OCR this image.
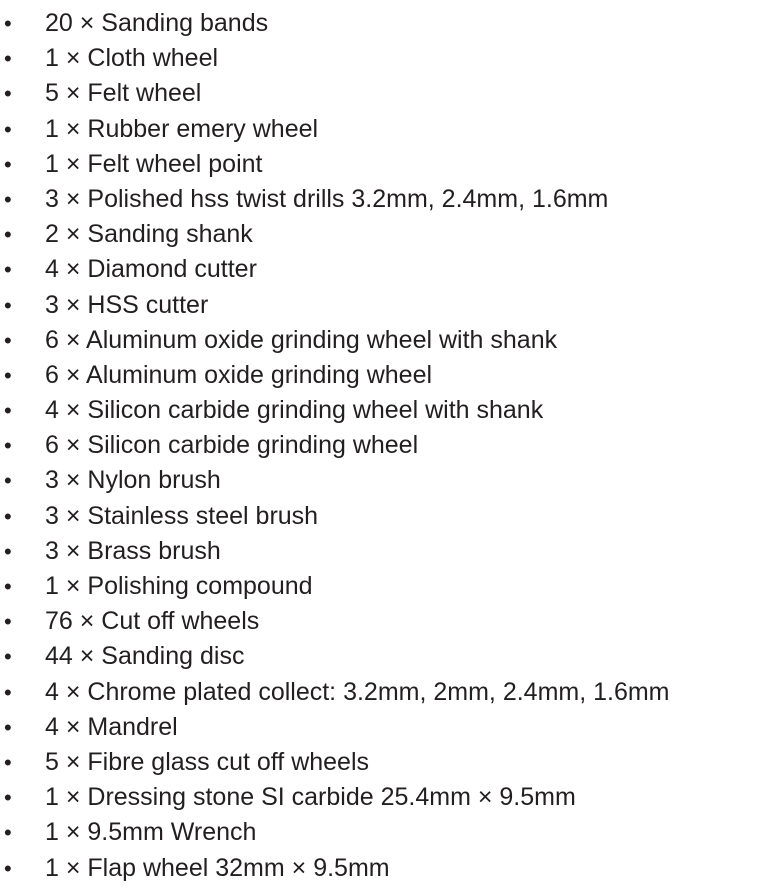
• 20 × Sanding bands
• 1 × Cloth wheel
• 5 × Felt wheel
• 1 × Rubber emery wheel
• 1 × Felt wheel point
• 3 × Polished hss twist drills 3.2mm, 2.4mm, 1.6mm
• 2 × Sanding shank
• 4 × Diamond cutter
• 3 × HSS cutter
• 6 × Aluminum oxide grinding wheel with shank
• 6 × Aluminum oxide grinding wheel
• 4 × Silicon carbide grinding wheel with shank
• 6 × Silicon carbide grinding wheel
• 3 × Nylon brush
• 3 × Stainless steel brush
• 3 × Brass brush
• 1 × Polishing compound
• 76 × Cut off wheels
• 44 × Sanding disc
• 4 × Chrome plated collect: 3.2mm, 2mm, 2.4mm, 1.6mm
• 4 × Mandrel
• 5 × Fibre glass cut off wheels
• 1 × Dressing stone SI carbide 25.4mm × 9.5mm
• 1 × 9.5mm Wrench
• 1 × Flap wheel 32mm × 9.5mm
